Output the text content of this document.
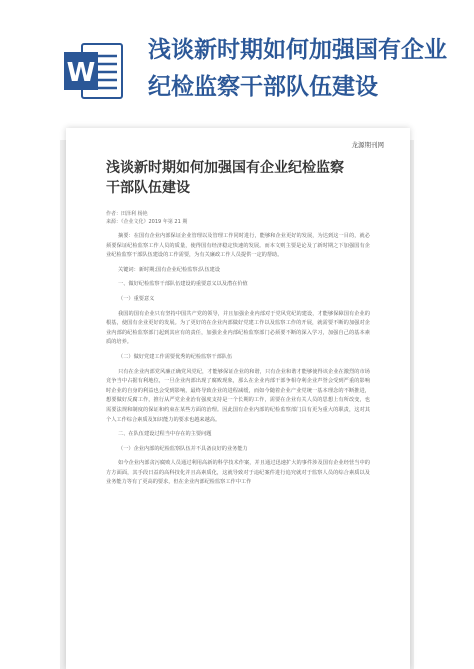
W
浅谈新时期如何加强国有企业
纪检监察干部队伍建设
龙源期刊网
浅谈新时期如何加强国有企业纪检监察干部队伍建设
作者：田泽利 杨艳
来源：《企业文化》2019 年第 21 期

摘要：在国有企业内部保证企业管理以及管理工作同时进行，能够和企业更好的发展，为达到这一目的，就必须要保证纪检监察工作人员的质量，使得国有经济稳定快速的发展。而本文则主要是论及了新时期之下加强国有企业纪检监察干部队伍建设的工作需要，为有关廉政工作人员提供一定的帮助。

关键词：新时期;国有企业纪检监察;队伍建设

一、做好纪检监察干部队伍建设的重要意义以及潜在价值

（一）重要意义

我国的国有企业只有坚持中国共产党的领导，并且加强企业内部对于党风党纪的建设，才能够保障国有企业的根基，使国有企业更好的发展。为了更好的在企业内部做好党建工作以及监察工作的开展，就需要不断的加强对企业内部的纪检监察部门起到其应有的责任，加强企业内部纪检监察部门必须要不断的深入学习，加强自己的基本素质的培养。

（二）做好党建工作需要优秀的纪检监察干部队伍

只有在企业内部党风廉正确党风党纪，才能够保证企业的和谐，只有企业和谐才能够使得该企业在激烈的市场竞争当中占据有利地位，一旦企业内部出现了腐败现象，那么在企业内部干部争相夺利企业声誉会受到严重的影响时企业的自身的利益也会受到影响，最终导致企业的进程减缓，而如今随着企业产业党统一基本理念的不断推进，想要做好反腐工作，推行从严党企业治有强度支持是一个长期的工作，需要在企业有关人员的思想上有所改变，也需要法规和制度的保证和约束在某些方面的治理。因此国有企业内部的纪检监察部门具有更为重大的职责，这对其个人工作综合素质及知识能力的要求也越来越高。

二、在队伍建设过程当中存在的主要问题

（一）企业内部的纪检监察队伍并不具备良好的业务能力

如今企业内部贪污腐败人员通过利用高新的科学技术作案，并且通过迅速扩大的事件涉及国有企业经营当中的方方面面，其手段日益的高科技化并且高素质化，这就导致对于违纪案件进行追究就对于监察人员的综合素质以及业务能力等有了更高的要求，但在企业内部纪检监察工作中工作
